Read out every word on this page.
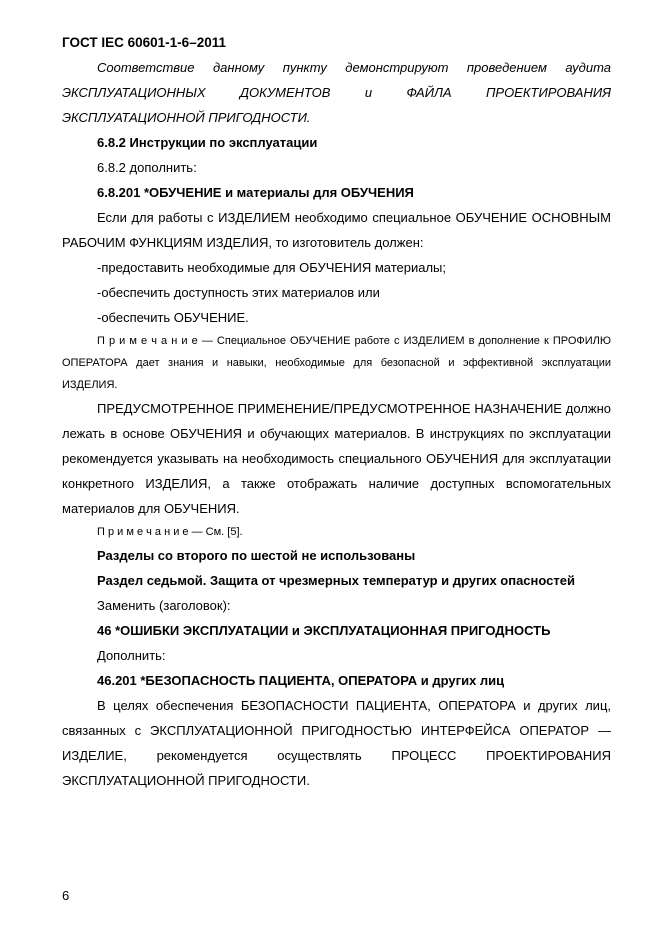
ГОСТ IEC 60601-1-6–2011

Соответствие данному пункту демонстрируют проведением аудита ЭКСПЛУАТАЦИОННЫХ ДОКУМЕНТОВ и ФАЙЛА ПРОЕКТИРОВАНИЯ ЭКСПЛУАТАЦИОННОЙ ПРИГОДНОСТИ.

6.8.2 Инструкции по эксплуатации

6.8.2 дополнить:

6.8.201 *ОБУЧЕНИЕ и материалы для ОБУЧЕНИЯ

Если для работы с ИЗДЕЛИЕМ необходимо специальное ОБУЧЕНИЕ ОСНОВНЫМ РАБОЧИМ ФУНКЦИЯМ ИЗДЕЛИЯ, то изготовитель должен:

-предоставить необходимые для ОБУЧЕНИЯ материалы;

-обеспечить доступность этих материалов или

-обеспечить ОБУЧЕНИЕ.

П р и м е ч а н и е — Специальное ОБУЧЕНИЕ работе с ИЗДЕЛИЕМ в дополнение к ПРОФИЛЮ ОПЕРАТОРА дает знания и навыки, необходимые для безопасной и эффективной эксплуатации ИЗДЕЛИЯ.

ПРЕДУСМОТРЕННОЕ ПРИМЕНЕНИЕ/ПРЕДУСМОТРЕННОЕ НАЗНАЧЕНИЕ должно лежать в основе ОБУЧЕНИЯ и обучающих материалов. В инструкциях по эксплуатации рекомендуется указывать на необходимость специального ОБУЧЕНИЯ для эксплуатации конкретного ИЗДЕЛИЯ, а также отображать наличие доступных вспомогательных материалов для ОБУЧЕНИЯ.

П р и м е ч а н и е — См. [5].

Разделы со второго по шестой не использованы

Раздел седьмой. Защита от чрезмерных температур и других опасностей

Заменить (заголовок):

46 *ОШИБКИ ЭКСПЛУАТАЦИИ и ЭКСПЛУАТАЦИОННАЯ ПРИГОДНОСТЬ

Дополнить:

46.201 *БЕЗОПАСНОСТЬ ПАЦИЕНТА, ОПЕРАТОРА и других лиц

В целях обеспечения БЕЗОПАСНОСТИ ПАЦИЕНТА, ОПЕРАТОРА и других лиц, связанных с ЭКСПЛУАТАЦИОННОЙ ПРИГОДНОСТЬЮ ИНТЕРФЕЙСА ОПЕРАТОР — ИЗДЕЛИЕ, рекомендуется осуществлять ПРОЦЕСС ПРОЕКТИРОВАНИЯ ЭКСПЛУАТАЦИОННОЙ ПРИГОДНОСТИ.

6
